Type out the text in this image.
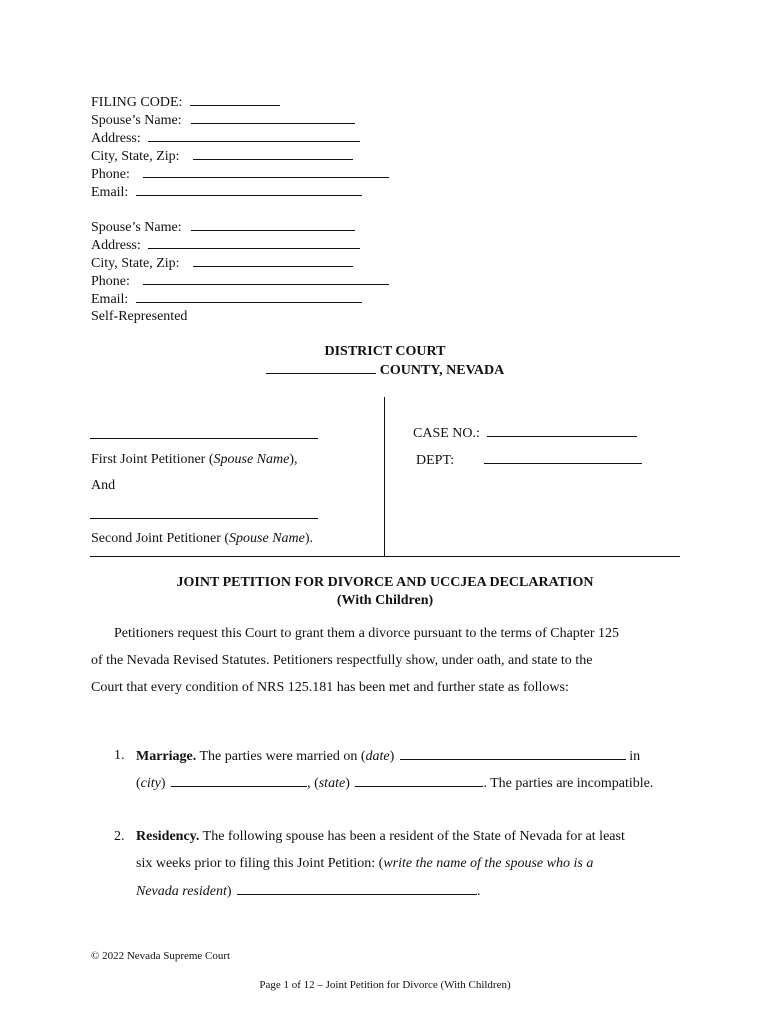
FILING CODE:
Spouse’s Name:
Address:
City, State, Zip:
Phone:
Email:
Spouse’s Name:
Address:
City, State, Zip:
Phone:
Email:
Self-Represented
DISTRICT COURT
COUNTY, NEVADA
First Joint Petitioner (Spouse Name),
And
Second Joint Petitioner (Spouse Name).
CASE NO.:
DEPT:
JOINT PETITION FOR DIVORCE AND UCCJEA DECLARATION
(With Children)
Petitioners request this Court to grant them a divorce pursuant to the terms of Chapter 125
of the Nevada Revised Statutes. Petitioners respectfully show, under oath, and state to the
Court that every condition of NRS 125.181 has been met and further state as follows:
1. Marriage. The parties were married on (date)	in
(city)	, (state)	. The parties are incompatible.
2. Residency. The following spouse has been a resident of the State of Nevada for at least
six weeks prior to filing this Joint Petition: (write the name of the spouse who is a
Nevada resident)	.
© 2022 Nevada Supreme Court
Page 1 of 12 – Joint Petition for Divorce (With Children)
